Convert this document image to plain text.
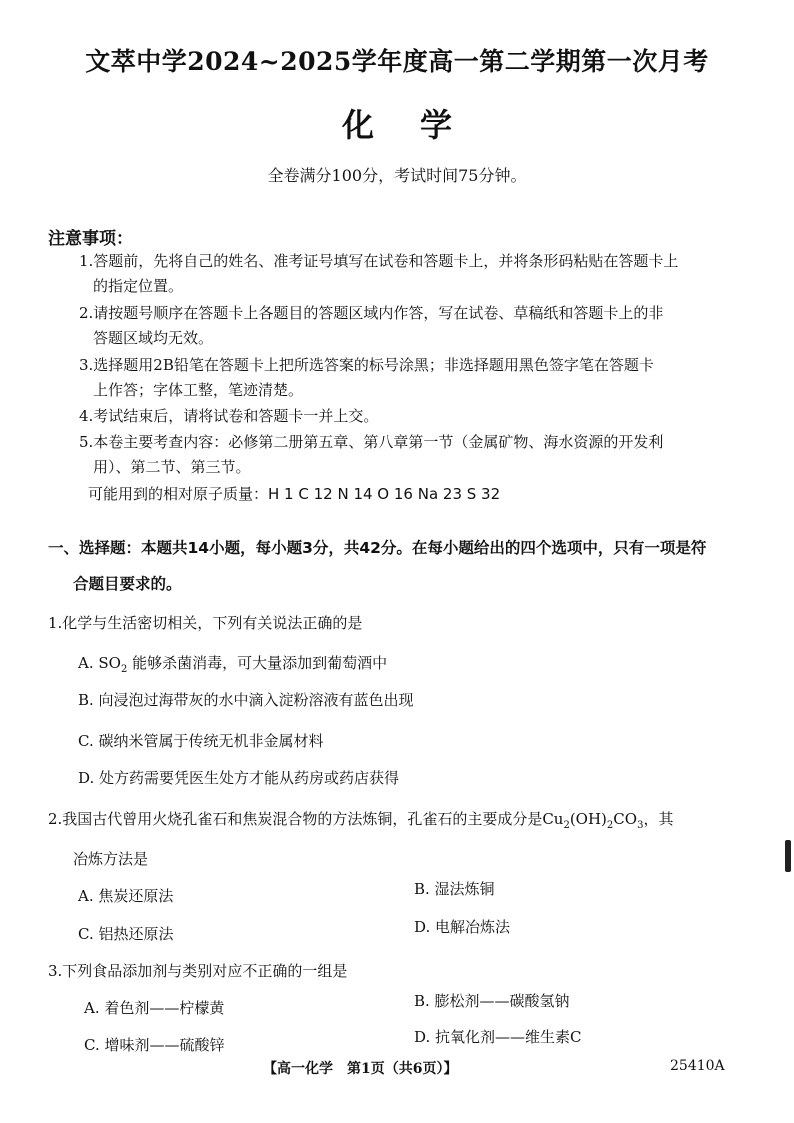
文萃中学2024~2025学年度高一第二学期第一次月考
化学
全卷满分100分，考试时间75分钟。
注意事项：
1.答题前，先将自己的姓名、准考证号填写在试卷和答题卡上，并将条形码粘贴在答题卡上
的指定位置。
2.请按题号顺序在答题卡上各题目的答题区域内作答，写在试卷、草稿纸和答题卡上的非
答题区域均无效。
3.选择题用2B铅笔在答题卡上把所选答案的标号涂黑；非选择题用黑色签字笔在答题卡
上作答；字体工整，笔迹清楚。
4.考试结束后，请将试卷和答题卡一并上交。
5.本卷主要考查内容：必修第二册第五章、第八章第一节（金属矿物、海水资源的开发利
用）、第二节、第三节。
可能用到的相对原子质量：H 1 C 12 N 14 O 16 Na 23 S 32
一、选择题：本题共14小题，每小题3分，共42分。在每小题给出的四个选项中，只有一项是符
合题目要求的。
1.化学与生活密切相关，下列有关说法正确的是
A. $SO_2$ 能够杀菌消毒，可大量添加到葡萄酒中
B. 向浸泡过海带灰的水中滴入淀粉溶液有蓝色出现
C. 碳纳米管属于传统无机非金属材料
D. 处方药需要凭医生处方才能从药房或药店获得
2.我国古代曾用火烧孔雀石和焦炭混合物的方法炼铜，孔雀石的主要成分是$Cu_2(OH)_2CO_3$，其
冶炼方法是
A. 焦炭还原法	B. 湿法炼铜
C. 铝热还原法	D. 电解冶炼法
3.下列食品添加剂与类别对应不正确的一组是
A. 着色剂——柠檬黄	B. 膨松剂——碳酸氢钠
C. 增味剂——硫酸锌	D. 抗氧化剂——维生素C
【高一化学　第1页（共6页）】	25410A
